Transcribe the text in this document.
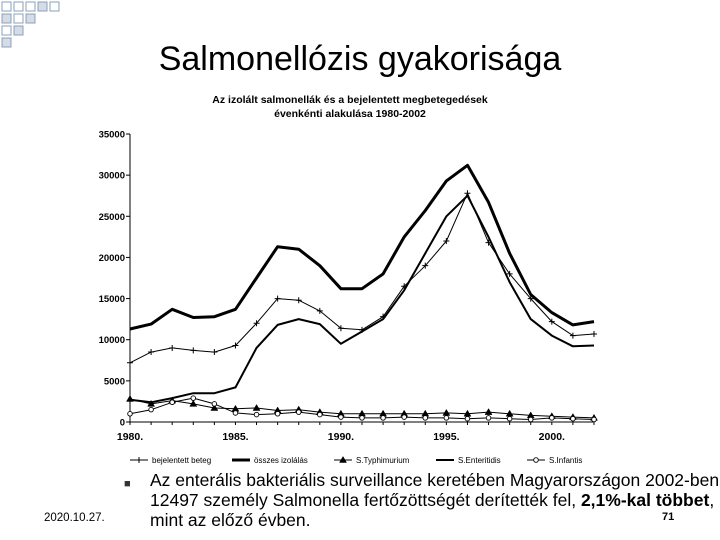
Salmonellózis gyakorisága
Az izolált salmonellák és a bejelentett megbetegedések
évenkénti alakulása 1980-2002
0
5000
10000
15000
20000
25000
30000
35000
1980.	1985.	1990.	1995.	2000.
bejelentett beteg	összes izolálás	S.Typhimurium	S.Enteritidis	S.Infantis
■ Az enterális bakteriális surveillance keretében Magyarországon 2002-ben 12497 személy Salmonella fertőzöttségét derítették fel, 2,1%-kal többet, mint az előző évben.
2020.10.27.	71
